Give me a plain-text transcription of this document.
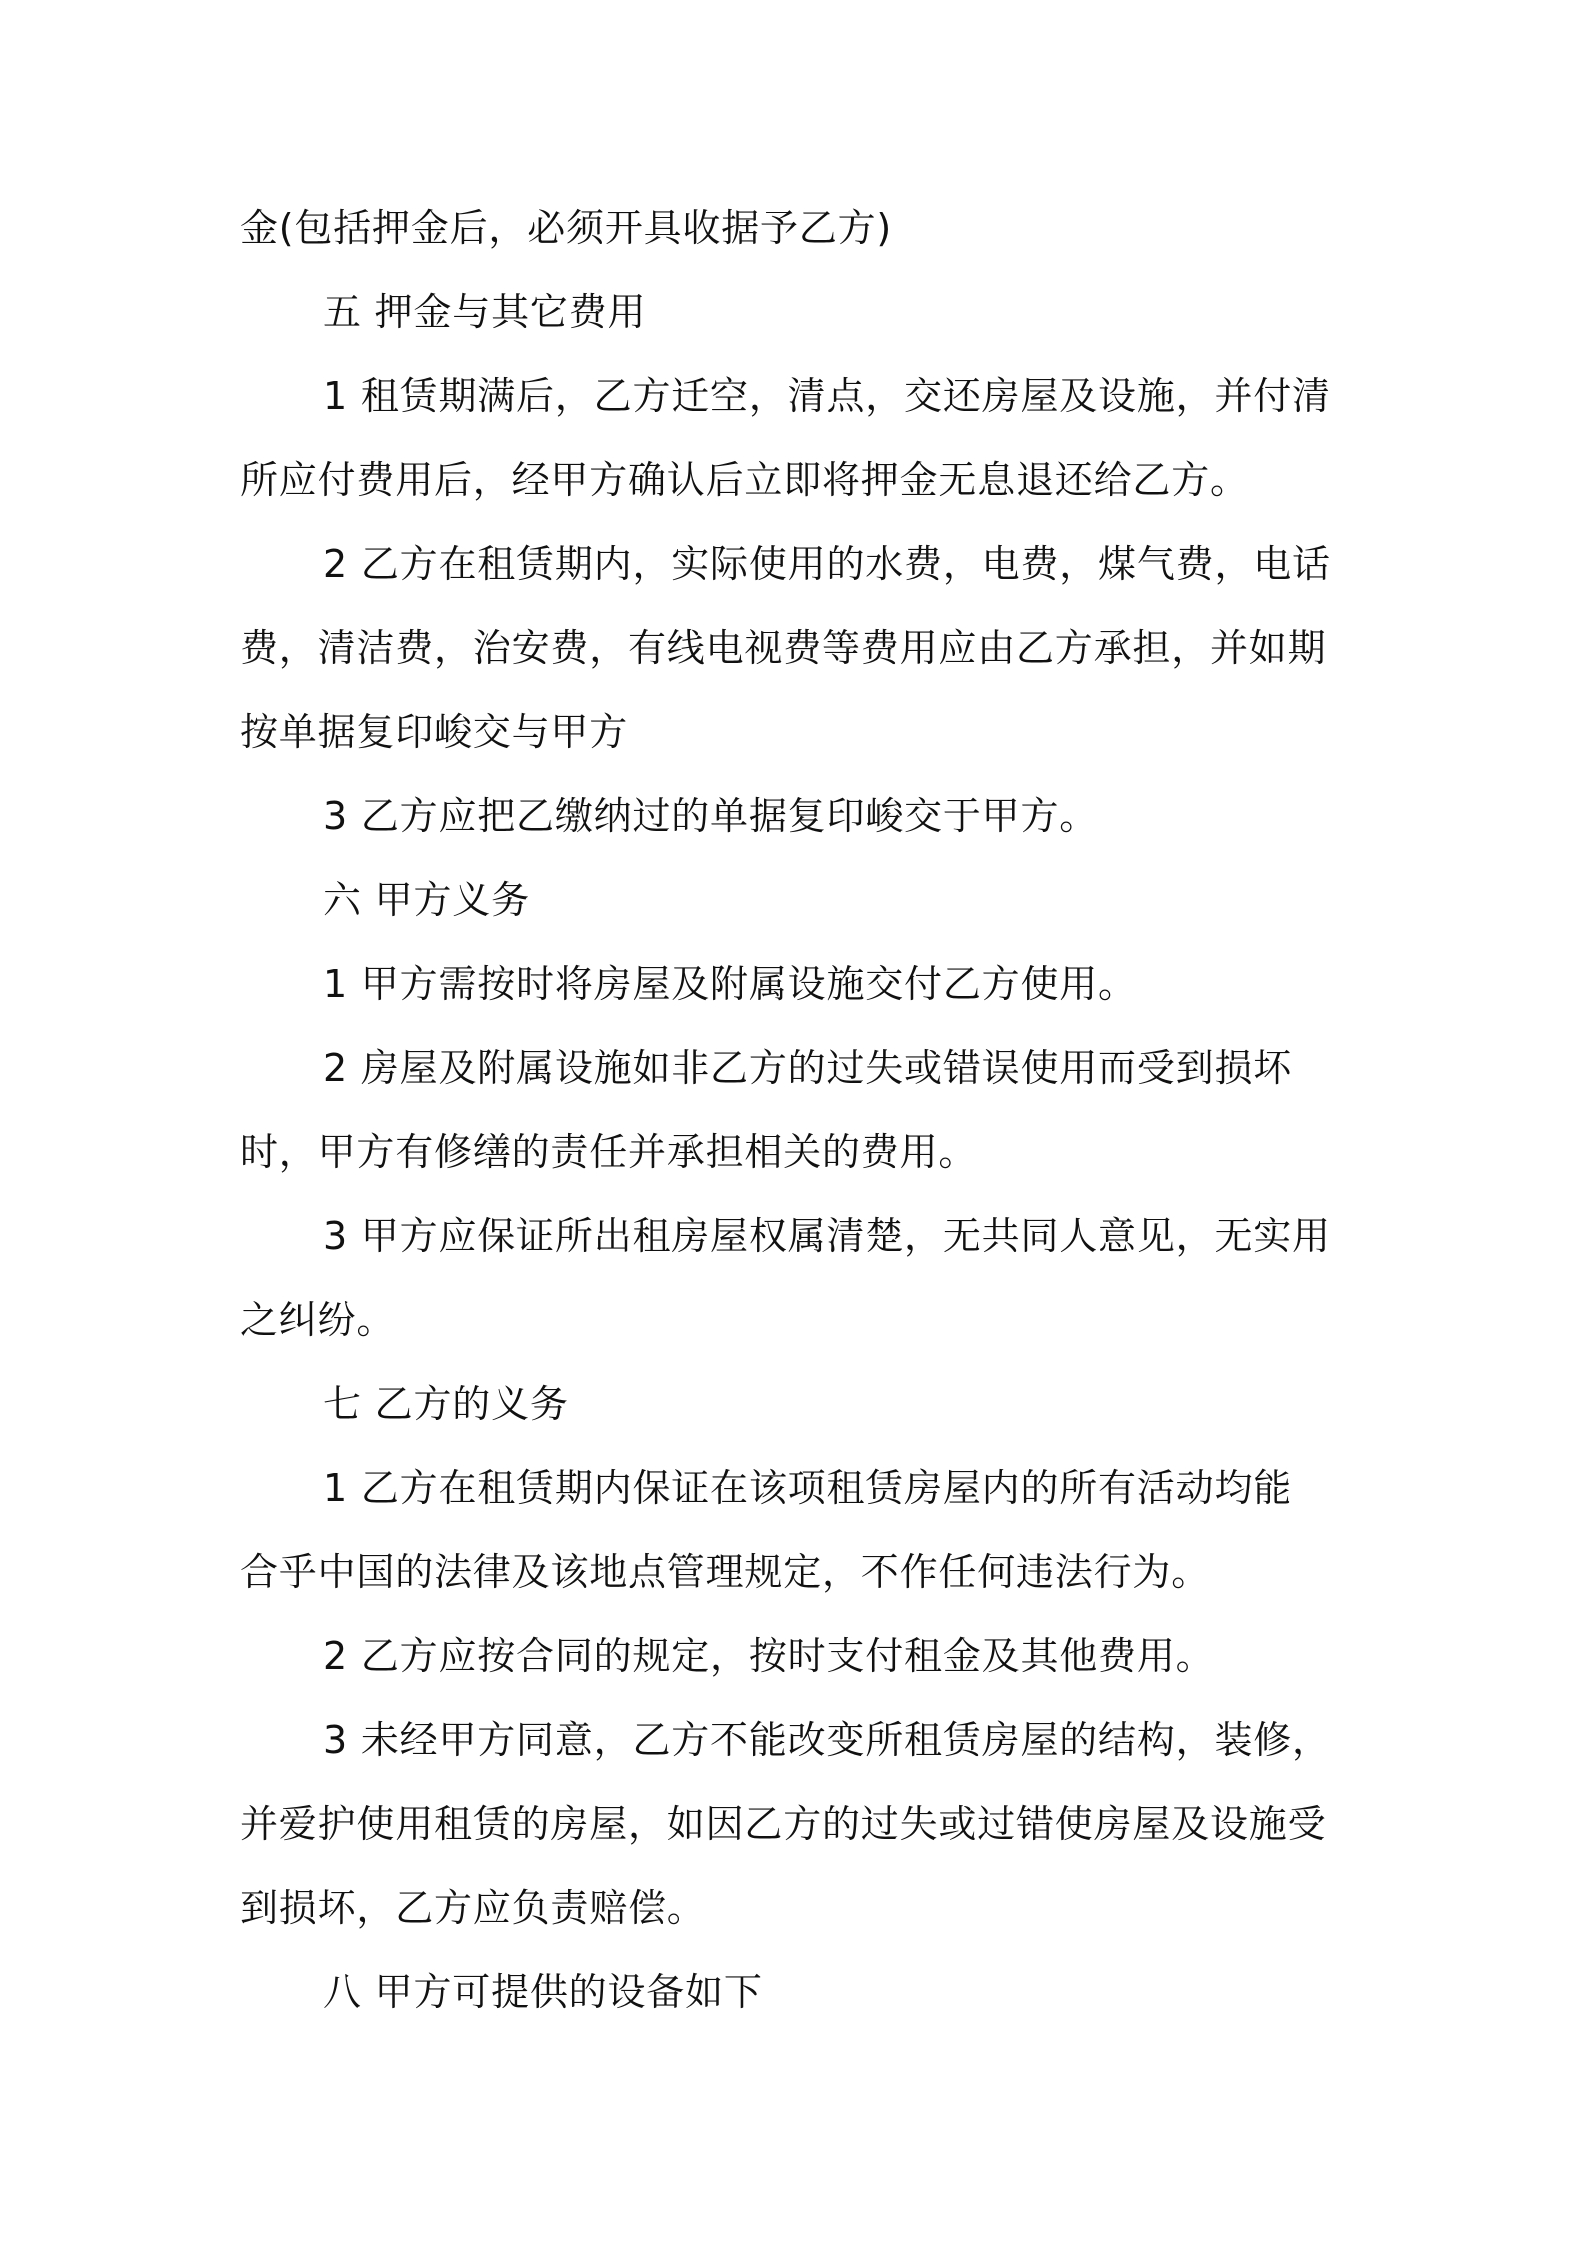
金(包括押金后，必须开具收据予乙方)
五 押金与其它费用
1 租赁期满后，乙方迁空，清点，交还房屋及设施，并付清
所应付费用后，经甲方确认后立即将押金无息退还给乙方。
2 乙方在租赁期内，实际使用的水费，电费，煤气费，电话
费，清洁费，治安费，有线电视费等费用应由乙方承担，并如期
按单据复印峻交与甲方
3 乙方应把乙缴纳过的单据复印峻交于甲方。
六 甲方义务
1 甲方需按时将房屋及附属设施交付乙方使用。
2 房屋及附属设施如非乙方的过失或错误使用而受到损坏
时，甲方有修缮的责任并承担相关的费用。
3 甲方应保证所出租房屋权属清楚，无共同人意见，无实用
之纠纷。
七 乙方的义务
1 乙方在租赁期内保证在该项租赁房屋内的所有活动均能
合乎中国的法律及该地点管理规定，不作任何违法行为。
2 乙方应按合同的规定，按时支付租金及其他费用。
3 未经甲方同意，乙方不能改变所租赁房屋的结构，装修，
并爱护使用租赁的房屋，如因乙方的过失或过错使房屋及设施受
到损坏，乙方应负责赔偿。
八 甲方可提供的设备如下
